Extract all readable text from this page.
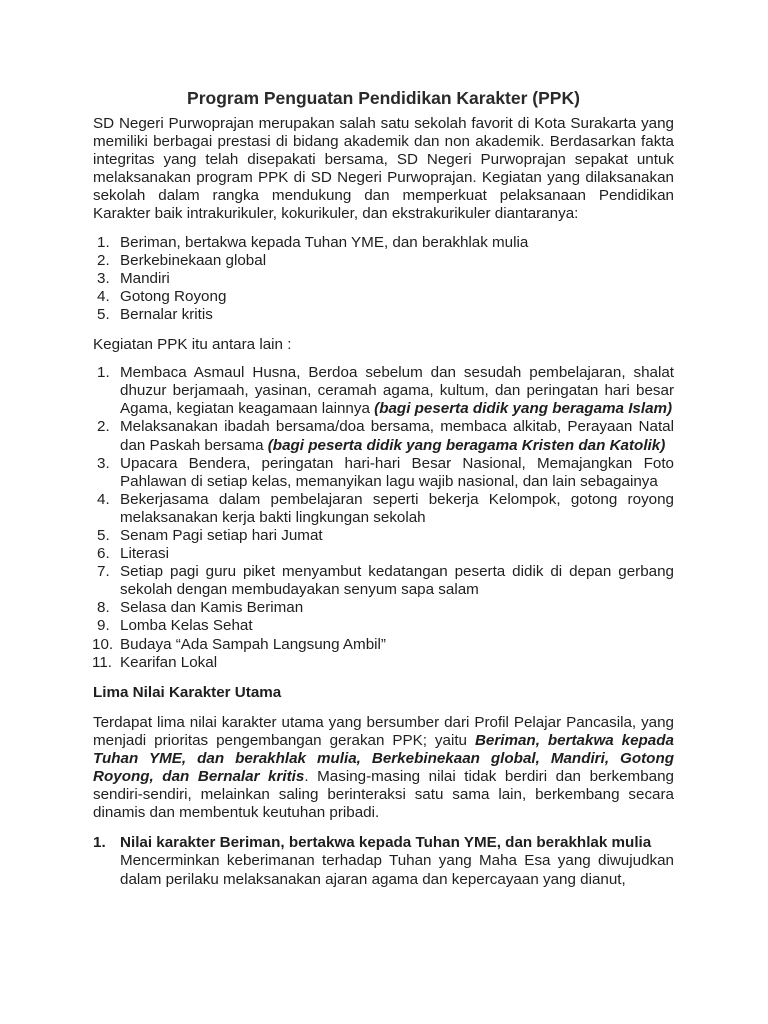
Program Penguatan Pendidikan Karakter (PPK)

SD Negeri Purwoprajan merupakan salah satu sekolah favorit di Kota Surakarta yang memiliki berbagai prestasi di bidang akademik dan non akademik. Berdasarkan fakta integritas yang telah disepakati bersama, SD Negeri Purwoprajan sepakat untuk melaksanakan program PPK di SD Negeri Purwoprajan. Kegiatan yang dilaksanakan sekolah dalam rangka mendukung dan memperkuat pelaksanaan Pendidikan Karakter baik intrakurikuler, kokurikuler, dan ekstrakurikuler diantaranya:

1. Beriman, bertakwa kepada Tuhan YME, dan berakhlak mulia
2. Berkebinekaan global
3. Mandiri
4. Gotong Royong
5. Bernalar kritis

Kegiatan PPK itu antara lain :

1. Membaca Asmaul Husna, Berdoa sebelum dan sesudah pembelajaran, shalat dhuzur berjamaah, yasinan, ceramah agama, kultum, dan peringatan hari besar Agama, kegiatan keagamaan lainnya (bagi peserta didik yang beragama Islam)
2. Melaksanakan ibadah bersama/doa bersama, membaca alkitab, Perayaan Natal dan Paskah bersama (bagi peserta didik yang beragama Kristen dan Katolik)
3. Upacara Bendera, peringatan hari-hari Besar Nasional, Memajangkan Foto Pahlawan di setiap kelas, memanyikan lagu wajib nasional, dan lain sebagainya
4. Bekerjasama dalam pembelajaran seperti bekerja Kelompok, gotong royong melaksanakan kerja bakti lingkungan sekolah
5. Senam Pagi setiap hari Jumat
6. Literasi
7. Setiap pagi guru piket menyambut kedatangan peserta didik di depan gerbang sekolah dengan membudayakan senyum sapa salam
8. Selasa dan Kamis Beriman
9. Lomba Kelas Sehat
10. Budaya “Ada Sampah Langsung Ambil”
11. Kearifan Lokal

Lima Nilai Karakter Utama

Terdapat lima nilai karakter utama yang bersumber dari Profil Pelajar Pancasila, yang menjadi prioritas pengembangan gerakan PPK; yaitu Beriman, bertakwa kepada Tuhan YME, dan berakhlak mulia, Berkebinekaan global, Mandiri, Gotong Royong, dan Bernalar kritis. Masing-masing nilai tidak berdiri dan berkembang sendiri-sendiri, melainkan saling berinteraksi satu sama lain, berkembang secara dinamis dan membentuk keutuhan pribadi.

1. Nilai karakter Beriman, bertakwa kepada Tuhan YME, dan berakhlak mulia
Mencerminkan keberimanan terhadap Tuhan yang Maha Esa yang diwujudkan dalam perilaku melaksanakan ajaran agama dan kepercayaan yang dianut,
